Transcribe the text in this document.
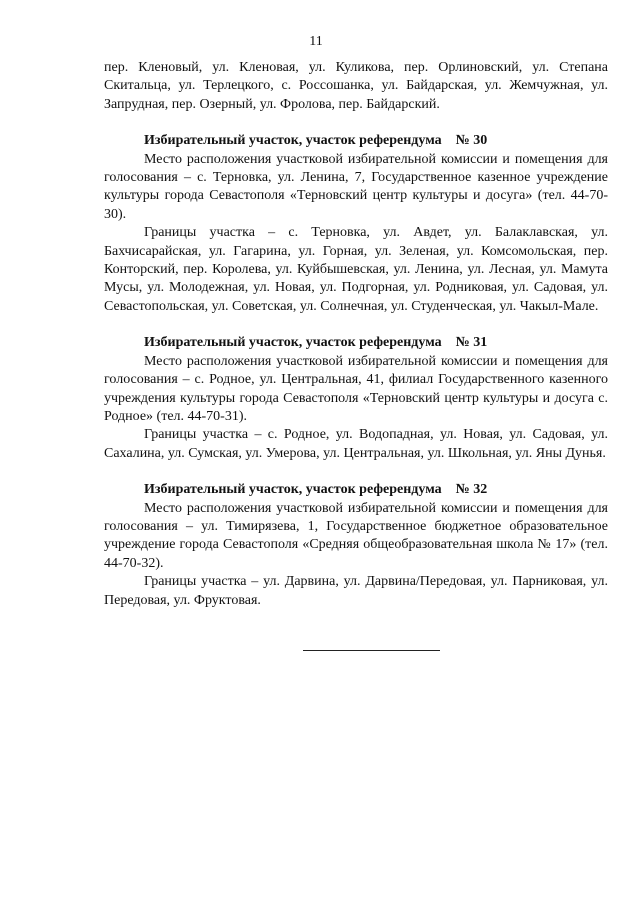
11

пер. Кленовый, ул. Кленовая, ул. Куликова, пер. Орлиновский, ул. Степана Скитальца, ул. Терлецкого, с. Россошанка, ул. Байдарская, ул. Жемчужная, ул. Запрудная, пер. Озерный, ул. Фролова, пер. Байдарский.

Избирательный участок, участок референдума № 30

Место расположения участковой избирательной комиссии и помещения для голосования – с. Терновка, ул. Ленина, 7, Государственное казенное учреждение культуры города Севастополя «Терновский центр культуры и досуга» (тел. 44-70-30).

Границы участка – с. Терновка, ул. Авдет, ул. Балаклавская, ул. Бахчисарайская, ул. Гагарина, ул. Горная, ул. Зеленая, ул. Комсомольская, пер. Конторский, пер. Королева, ул. Куйбышевская, ул. Ленина, ул. Лесная, ул. Мамута Мусы, ул. Молодежная, ул. Новая, ул. Подгорная, ул. Родниковая, ул. Садовая, ул. Севастопольская, ул. Советская, ул. Солнечная, ул. Студенческая, ул. Чакыл-Мале.

Избирательный участок, участок референдума № 31

Место расположения участковой избирательной комиссии и помещения для голосования – с. Родное, ул. Центральная, 41, филиал Государственного казенного учреждения культуры города Севастополя «Терновский центр культуры и досуга с. Родное» (тел. 44-70-31).

Границы участка – с. Родное, ул. Водопадная, ул. Новая, ул. Садовая, ул. Сахалина, ул. Сумская, ул. Умерова, ул. Центральная, ул. Школьная, ул. Яны Дунья.

Избирательный участок, участок референдума № 32

Место расположения участковой избирательной комиссии и помещения для голосования – ул. Тимирязева, 1, Государственное бюджетное образовательное учреждение города Севастополя «Средняя общеобразовательная школа № 17» (тел. 44-70-32).

Границы участка – ул. Дарвина, ул. Дарвина/Передовая, ул. Парниковая, ул. Передовая, ул. Фруктовая.
